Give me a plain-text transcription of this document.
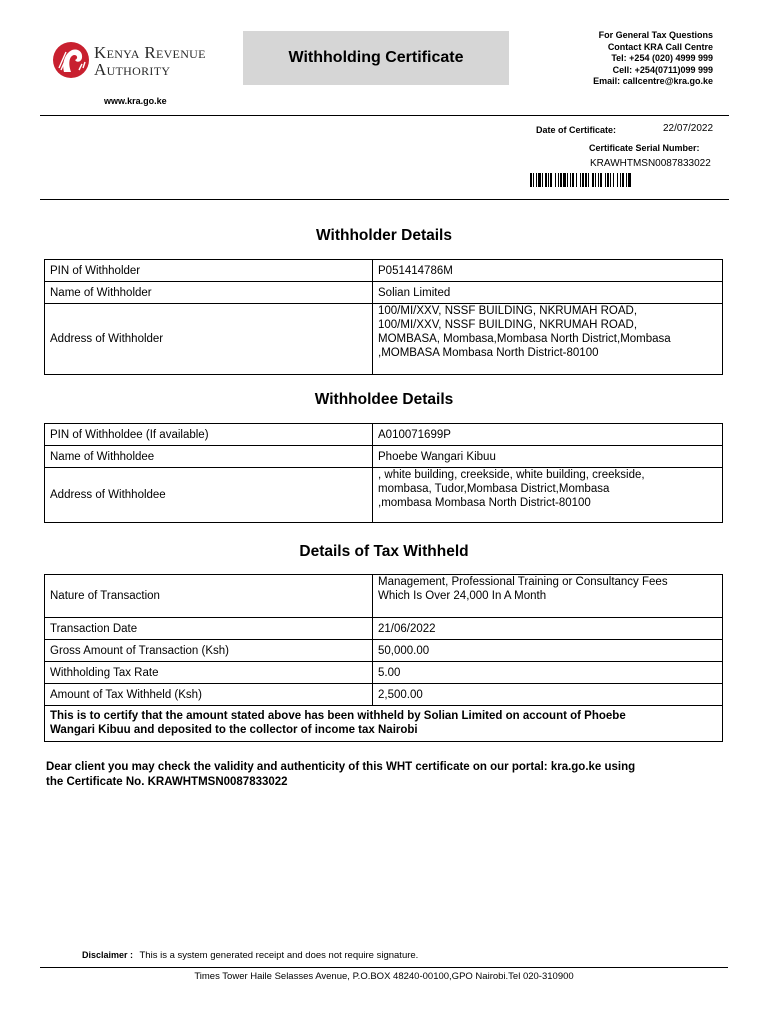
Kenya Revenue
Authority
www.kra.go.ke
Withholding Certificate
For General Tax Questions
Contact KRA Call Centre
Tel: +254 (020) 4999 999
Cell: +254(0711)099 999
Email: callcentre@kra.go.ke
Date of Certificate:	22/07/2022
Certificate Serial Number:
KRAWHTMSN0087833022
Withholder Details
PIN of Withholder	P051414786M

Name of Withholder	Solian Limited

Address of Withholder	100/MI/XXV, NSSF BUILDING, NKRUMAH ROAD,
100/MI/XXV, NSSF BUILDING, NKRUMAH ROAD,
MOMBASA, Mombasa,Mombasa North District,Mombasa
,MOMBASA Mombasa North District-80100
Withholdee Details
PIN of Withholdee (If available)	A010071699P

Name of Withholdee	Phoebe Wangari Kibuu

Address of Withholdee	, white building, creekside, white building, creekside,
mombasa, Tudor,Mombasa District,Mombasa
,mombasa Mombasa North District-80100
Details of Tax Withheld
Nature of Transaction	Management, Professional Training or Consultancy Fees
Which Is Over 24,000 In A Month

Transaction Date	21/06/2022

Gross Amount of Transaction (Ksh)	50,000.00

Withholding Tax Rate	5.00

Amount of Tax Withheld (Ksh)	2,500.00

This is to certify that the amount stated above has been withheld by Solian Limited on account of Phoebe
Wangari Kibuu and deposited to the collector of income tax Nairobi	
Dear client you may check the validity and authenticity of this WHT certificate on our portal: kra.go.ke using
the Certificate No. KRAWHTMSN0087833022
Disclaimer : This is a system generated receipt and does not require signature.
Times Tower Haile Selasses Avenue, P.O.BOX 48240-00100,GPO Nairobi.Tel 020-310900
